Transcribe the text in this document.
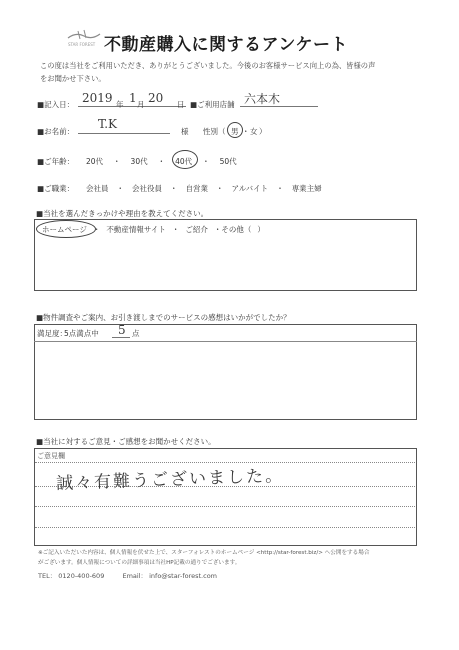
STAR FOREST 不動産購入に関するアンケート
この度は当社をご利用いただき、ありがとうございました。今後のお客様サービス向上の為、皆様の声
をお聞かせ下さい。
■記入日： 2019 年 1 月 20 日 ■ご利用店舗 六本木
■お名前：
T.K
様 性別（ 男 ・ 女 ）
■ご年齢： 20代 ・ 30代 ・ 40代 ・ 50代
■ご職業： 会社員 ・ 会社役員 ・ 自営業 ・ アルバイト ・ 専業主婦
■当社を選んだきっかけや理由を教えてください。
ホームページ ・ 不動産情報サイト ・ ご紹介 ・その他（ ）
■物件調査やご案内、お引き渡しまでのサービスの感想はいかがでしたか？
満足度：
5点満点中 5 点
■当社に対するご意見・ご感想をお聞かせください。
ご意見欄
誠々有難うございました。
※ご記入いただいた内容は、個人情報を伏せた上で、スターフォレストのホームページ <http://star-forest.biz/> へ公開をする場合
がございます。個人情報についての詳細事項は当社HP記載の通りでございます。
TEL： 0120-400-609	Email： info@star-forest.com
